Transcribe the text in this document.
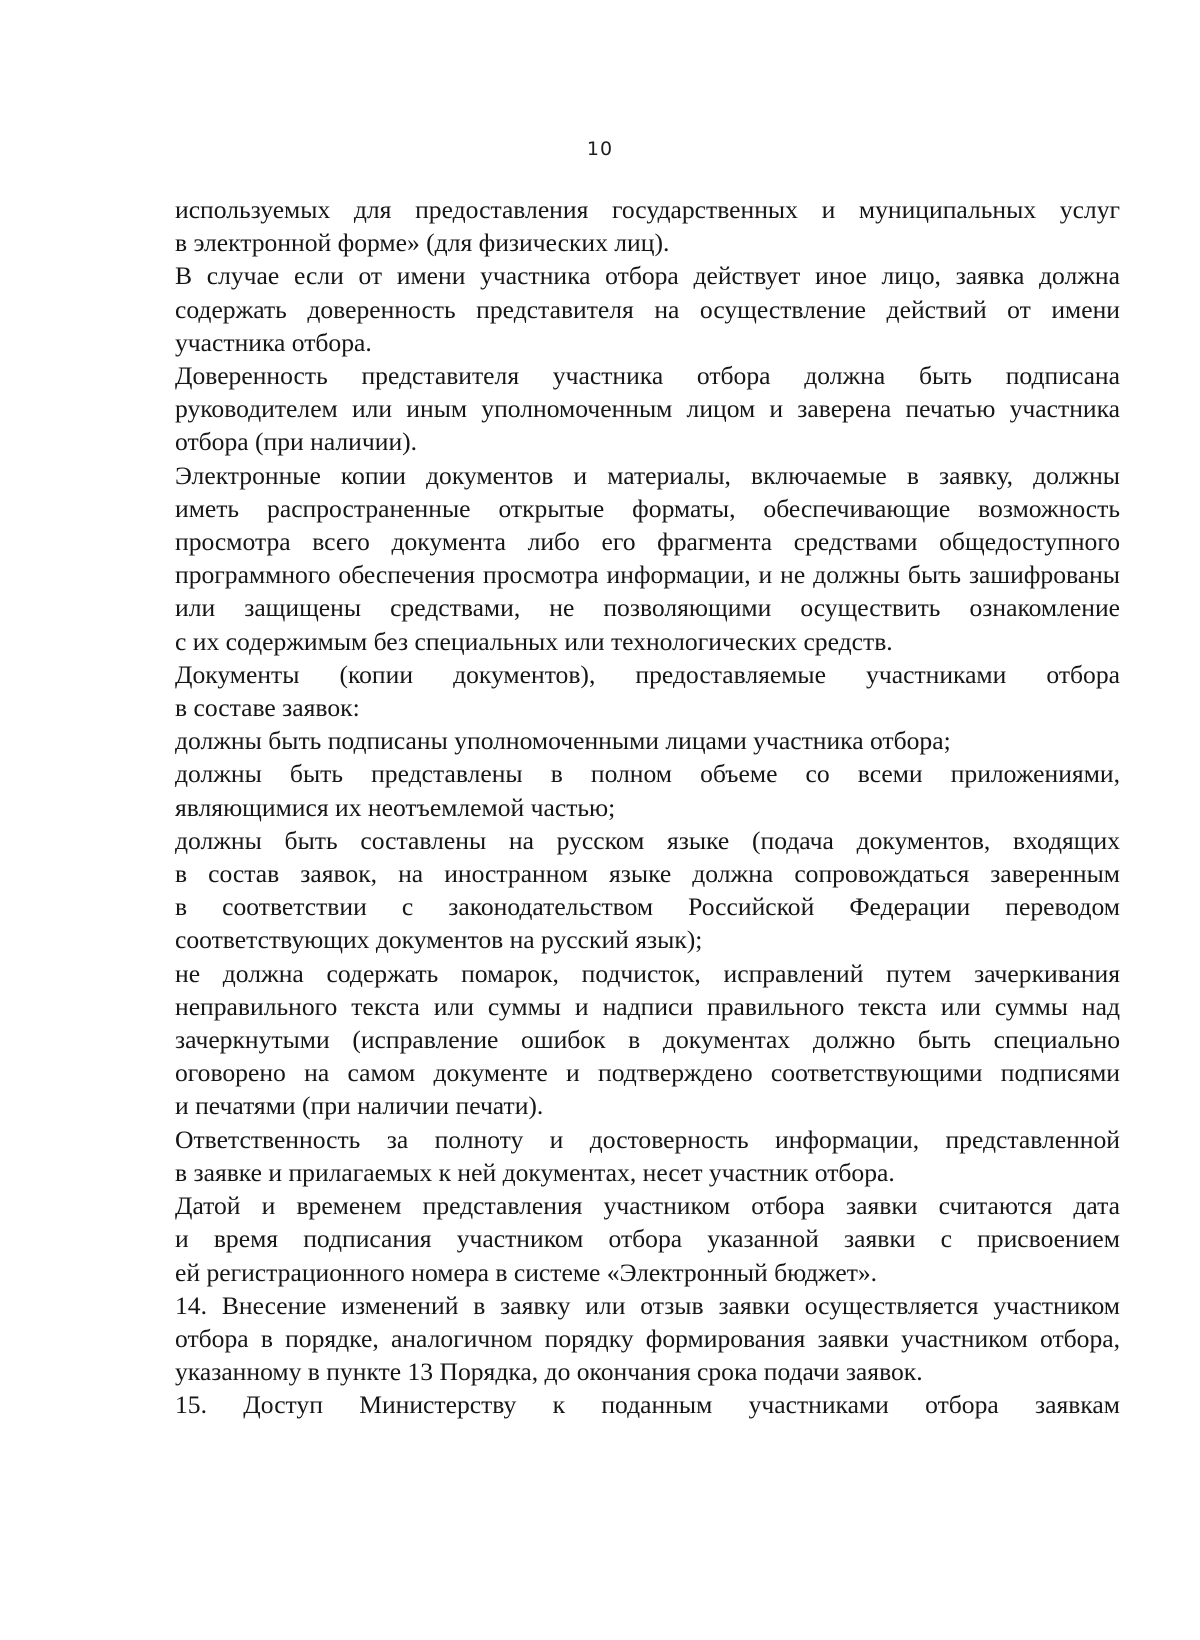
10

используемых для предоставления государственных и муниципальных услуг
в электронной форме» (для физических лиц).

В случае если от имени участника отбора действует иное лицо, заявка должна
содержать доверенность представителя на осуществление действий от имени
участника отбора.

Доверенность представителя участника отбора должна быть подписана
руководителем или иным уполномоченным лицом и заверена печатью участника
отбора (при наличии).

Электронные копии документов и материалы, включаемые в заявку, должны
иметь распространенные открытые форматы, обеспечивающие возможность
просмотра всего документа либо его фрагмента средствами общедоступного
программного обеспечения просмотра информации, и не должны быть зашифрованы
или защищены средствами, не позволяющими осуществить ознакомление
с их содержимым без специальных или технологических средств.

Документы (копии документов), предоставляемые участниками отбора
в составе заявок:

должны быть подписаны уполномоченными лицами участника отбора;

должны быть представлены в полном объеме со всеми приложениями,
являющимися их неотъемлемой частью;

должны быть составлены на русском языке (подача документов, входящих
в состав заявок, на иностранном языке должна сопровождаться заверенным
в соответствии с законодательством Российской Федерации переводом
соответствующих документов на русский язык);

не должна содержать помарок, подчисток, исправлений путем зачеркивания
неправильного текста или суммы и надписи правильного текста или суммы над
зачеркнутыми (исправление ошибок в документах должно быть специально
оговорено на самом документе и подтверждено соответствующими подписями
и печатями (при наличии печати).

Ответственность за полноту и достоверность информации, представленной
в заявке и прилагаемых к ней документах, несет участник отбора.

Датой и временем представления участником отбора заявки считаются дата
и время подписания участником отбора указанной заявки с присвоением
ей регистрационного номера в системе «Электронный бюджет».

14. Внесение изменений в заявку или отзыв заявки осуществляется участником
отбора в порядке, аналогичном порядку формирования заявки участником отбора,
указанному в пункте 13 Порядка, до окончания срока подачи заявок.

15. Доступ Министерству к поданным участниками отбора заявкам
